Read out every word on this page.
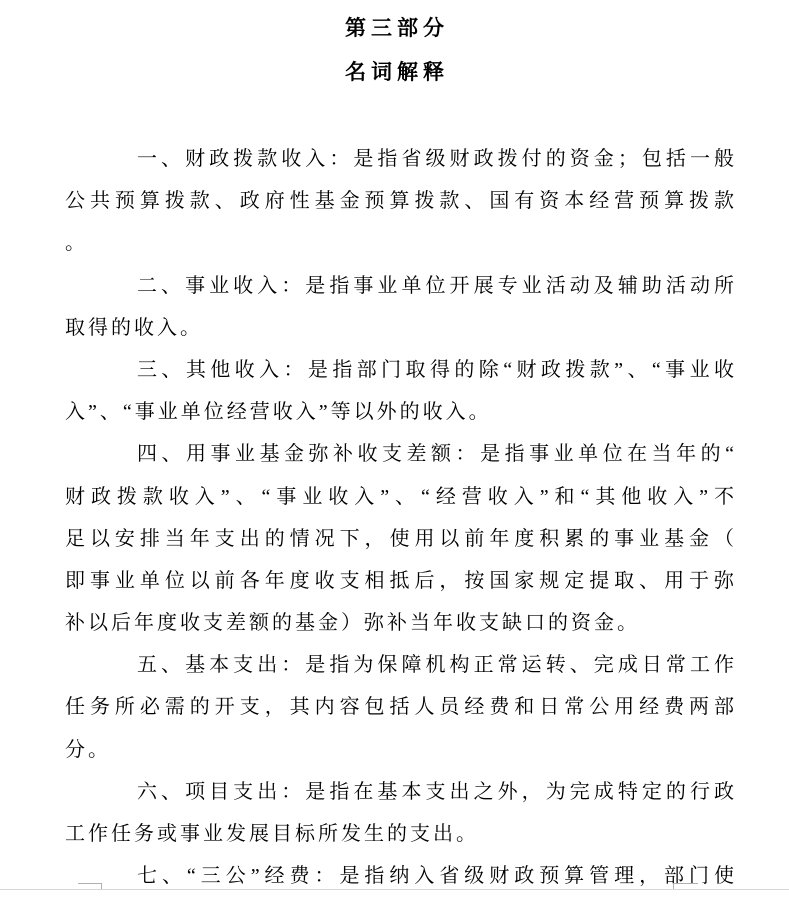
第三部分
名词解释
一、财政拨款收入：是指省级财政拨付的资金；包括一般
公共预算拨款、政府性基金预算拨款、国有资本经营预算拨款
。
二、事业收入：是指事业单位开展专业活动及辅助活动所
取得的收入。
三、其他收入：是指部门取得的除“财政拨款”、“事业收
入”、“事业单位经营收入”等以外的收入。
四、用事业基金弥补收支差额：是指事业单位在当年的“
财政拨款收入”、“事业收入”、“经营收入”和“其他收入”不
足以安排当年支出的情况下，使用以前年度积累的事业基金（
即事业单位以前各年度收支相抵后，按国家规定提取、用于弥
补以后年度收支差额的基金）弥补当年收支缺口的资金。
五、基本支出：是指为保障机构正常运转、完成日常工作
任务所必需的开支，其内容包括人员经费和日常公用经费两部
分。
六、项目支出：是指在基本支出之外，为完成特定的行政
工作任务或事业发展目标所发生的支出。
七、“三公”经费：是指纳入省级财政预算管理，部门使
